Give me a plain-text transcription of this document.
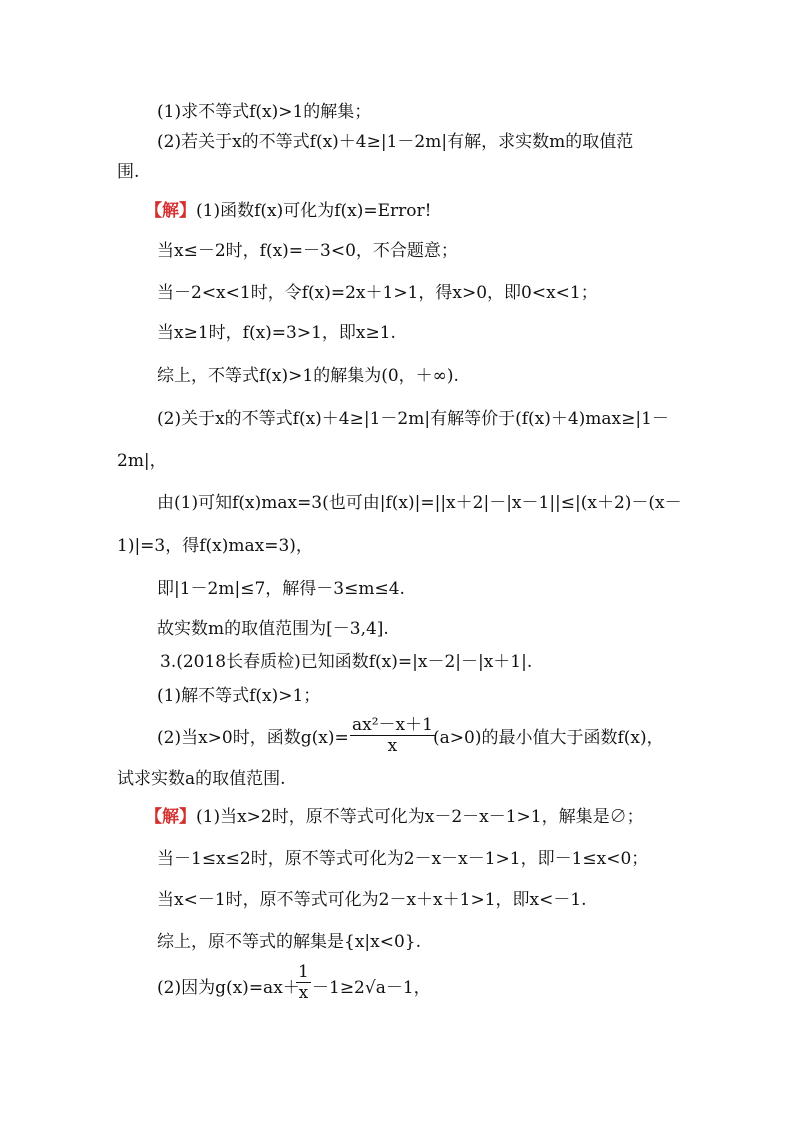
(1)求不等式f(x)>1的解集；
(2)若关于x的不等式f(x)＋4≥|1－2m|有解，求实数m的取值范
围.
【解】(1)函数f(x)可化为f(x)=Error!
当x≤－2时，f(x)=－3<0，不合题意；
当－2<x<1时，令f(x)=2x＋1>1，得x>0，即0<x<1；
当x≥1时，f(x)=3>1，即x≥1.
综上，不等式f(x)>1的解集为(0，＋∞).
(2)关于x的不等式f(x)＋4≥|1－2m|有解等价于(f(x)＋4)max≥|1－
2m|，
由(1)可知f(x)max=3(也可由|f(x)|=||x＋2|－|x－1||≤|(x＋2)－(x－
1)|=3，得f(x)max=3)，
即|1－2m|≤7，解得－3≤m≤4.
故实数m的取值范围为[－3,4].
3.(2018长春质检)已知函数f(x)=|x－2|－|x＋1|.
(1)解不等式f(x)>1；
(2)当x>0时，函数$g(x)= \frac{\text{ax²－x＋1}}{x}$
(a>0)的最小值大于函数f(x)，
试求实数a的取值范围.
【解】(1)当x>2时，原不等式可化为x－2－x－1>1，解集是∅；
当－1≤x≤2时，原不等式可化为2－x－x－1>1，即－1≤x<0；
当x<－1时，原不等式可化为2－x＋x＋1>1，即x<－1.
综上，原不等式的解集是{x|x<0}.
(2)因为g(x)=ax＋
$\frac{1}{x} -1\ge 2√a-1$，
